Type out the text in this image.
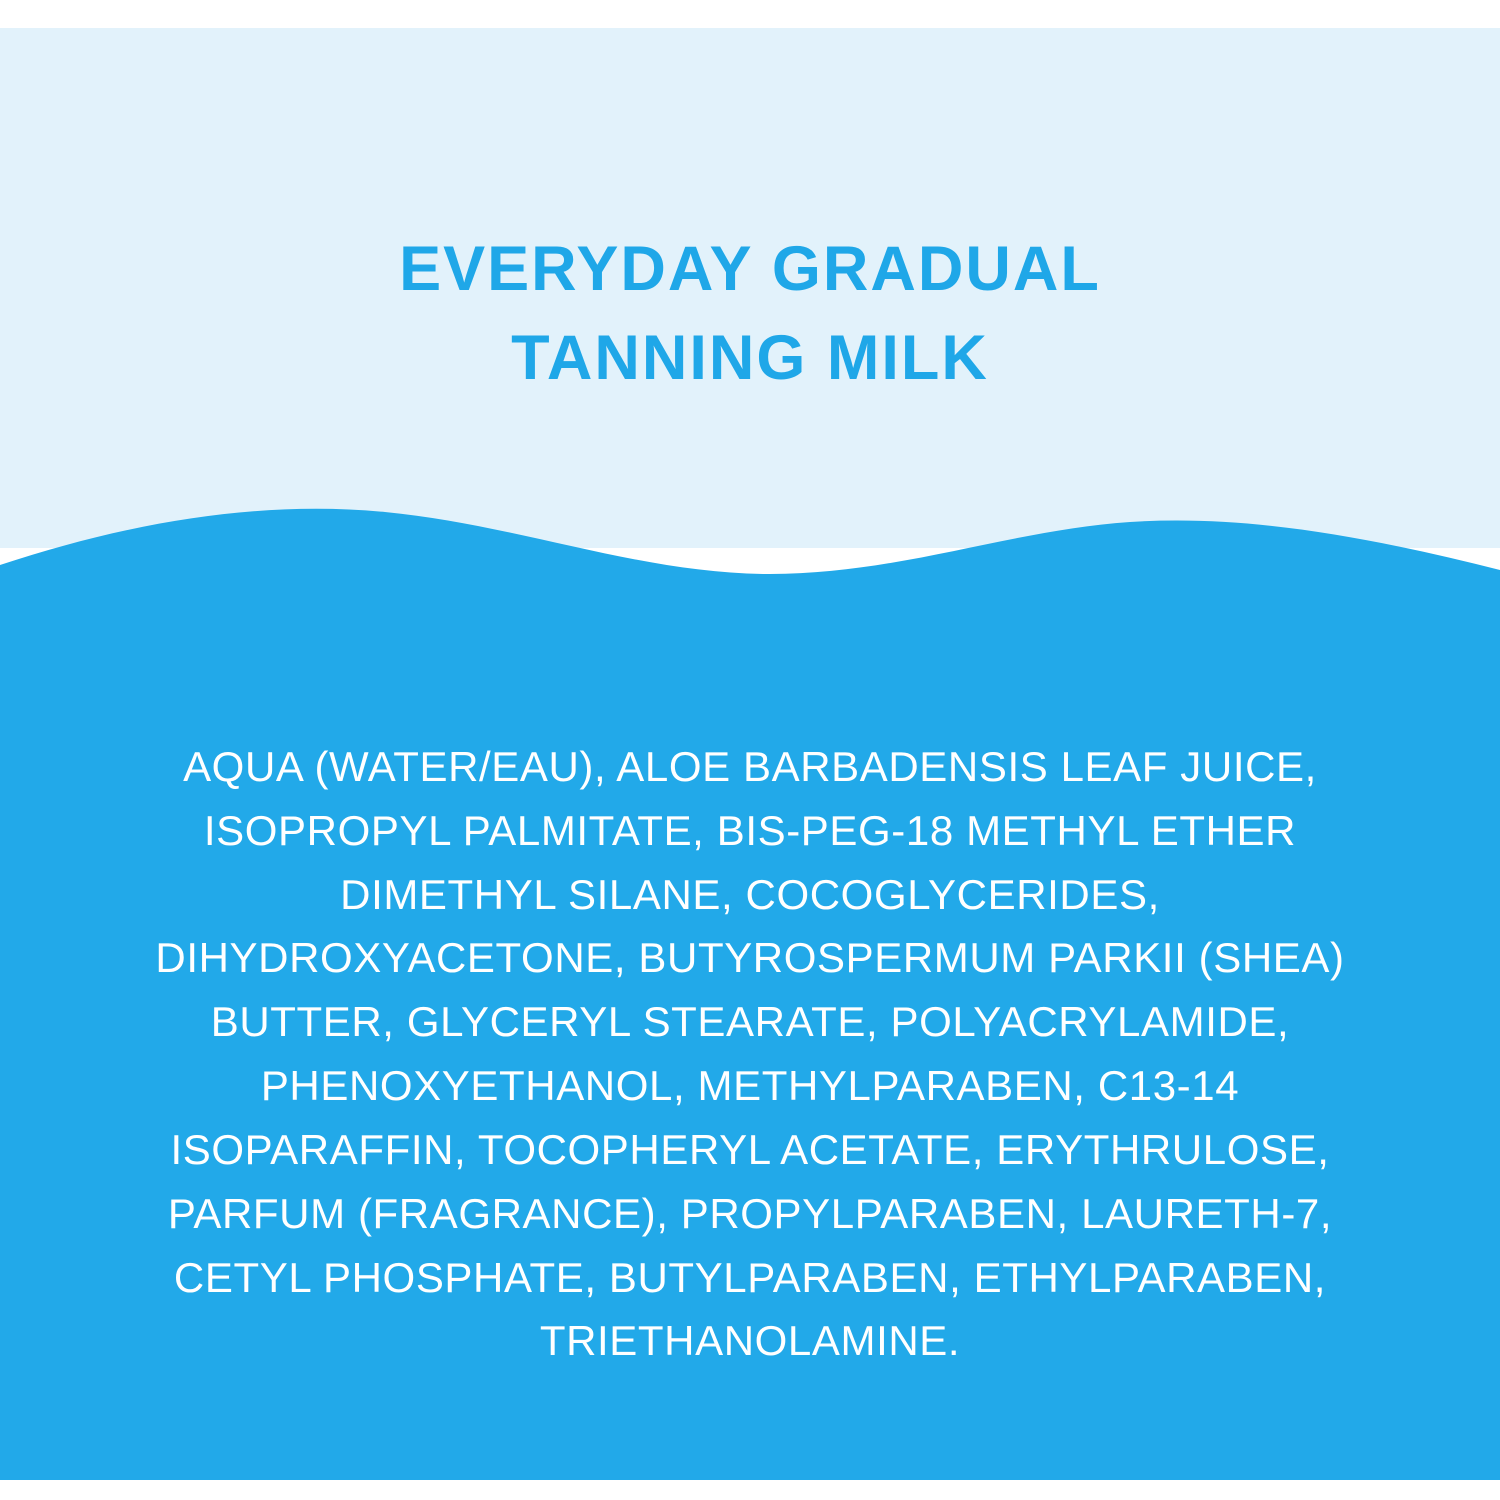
EVERYDAY GRADUAL
TANNING MILK
AQUA (WATER/EAU), ALOE BARBADENSIS LEAF JUICE, ISOPROPYL PALMITATE, BIS-PEG-18 METHYL ETHER DIMETHYL SILANE, COCOGLYCERIDES, DIHYDROXYACETONE, BUTYROSPERMUM PARKII (SHEA) BUTTER, GLYCERYL STEARATE, POLYACRYLAMIDE, PHENOXYETHANOL, METHYLPARABEN, C13-14 ISOPARAFFIN, TOCOPHERYL ACETATE, ERYTHRULOSE, PARFUM (FRAGRANCE), PROPYLPARABEN, LAURETH-7, CETYL PHOSPHATE, BUTYLPARABEN, ETHYLPARABEN, TRIETHANOLAMINE.
